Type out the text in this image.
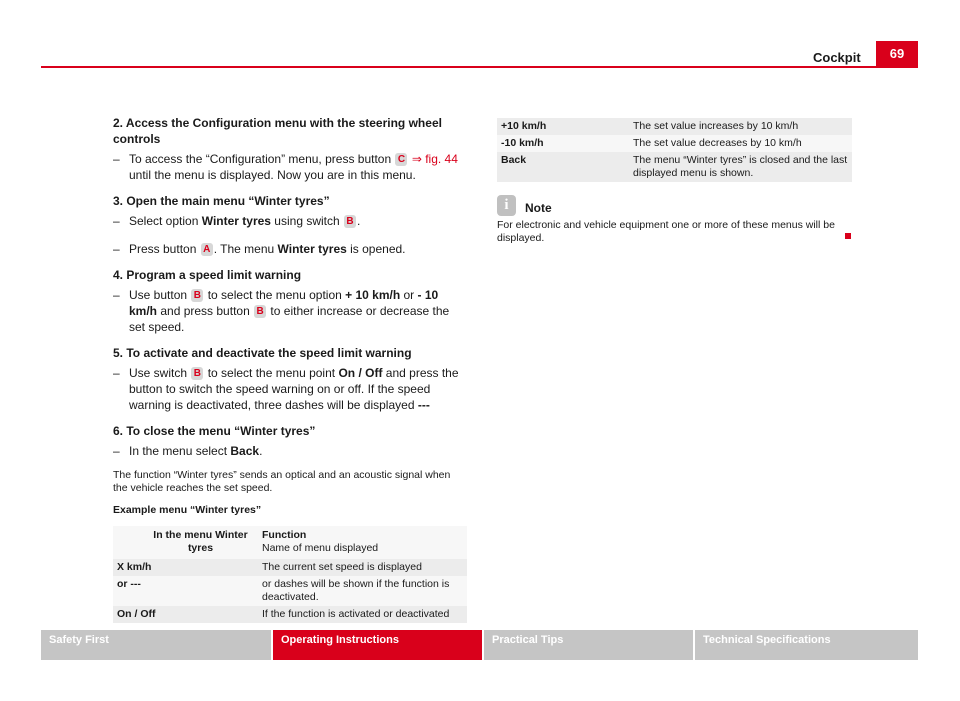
Cockpit	69

2. Access the Configuration menu with the steering wheel controls

– To access the “Configuration” menu, press button C ⇒ fig. 44 until the menu is displayed. Now you are in this menu.

3. Open the main menu “Winter tyres”

– Select option Winter tyres using switch B .
– Press button A . The menu Winter tyres is opened.

4. Program a speed limit warning

– Use button B to select the menu option + 10 km/h or - 10 km/h and press button B to either increase or decrease the set speed.

5. To activate and deactivate the speed limit warning

– Use switch B to select the menu point On / Off and press the button to switch the speed warning on or off. If the speed warning is deactivated, three dashes will be displayed ---

6. To close the menu “Winter tyres”

– In the menu select Back.

The function “Winter tyres” sends an optical and an acoustic signal when the vehicle reaches the set speed.

Example menu “Winter tyres”

In the menu Winter tyres	Function
Name of menu displayed
X km/h	The current set speed is displayed
or ---	or dashes will be shown if the function is deactivated.
On / Off	If the function is activated or deactivated
+10 km/h	The set value increases by 10 km/h
-10 km/h	The set value decreases by 10 km/h
Back	The menu “Winter tyres” is closed and the last displayed menu is shown.
i	Note
For electronic and vehicle equipment one or more of these menus will be displayed.
Safety First	Operating Instructions	Practical Tips	Technical Specifications
